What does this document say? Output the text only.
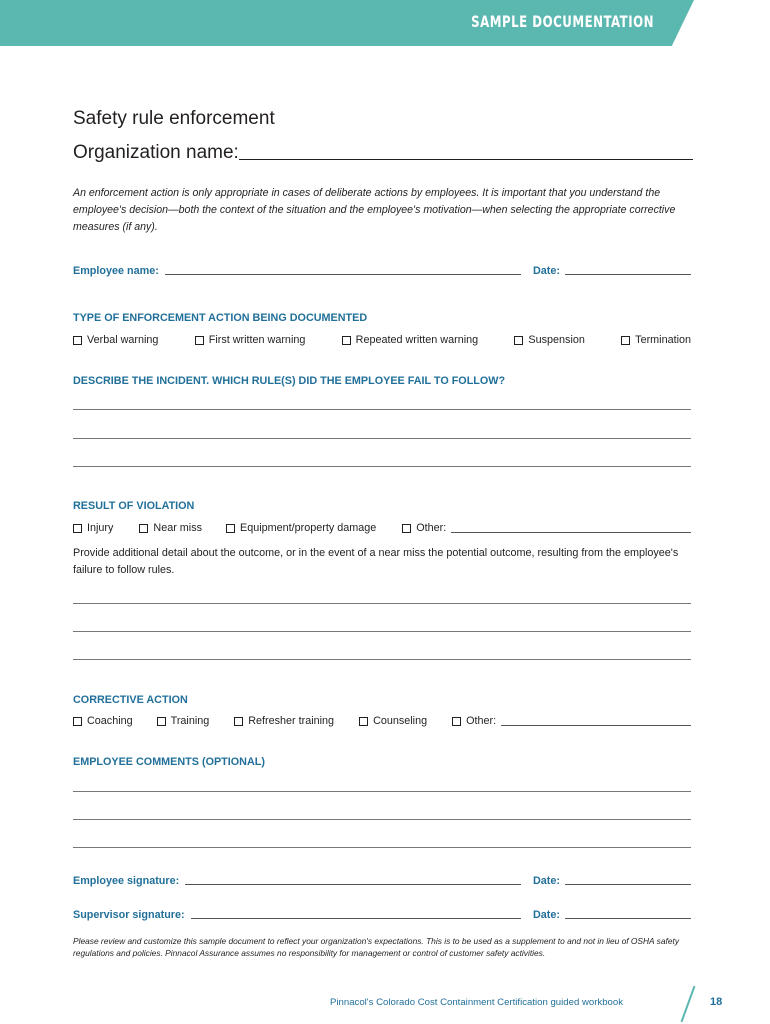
SAMPLE DOCUMENTATION
Safety rule enforcement
Organization name:
An enforcement action is only appropriate in cases of deliberate actions by employees. It is important that you understand the employee's decision—both the context of the situation and the employee's motivation—when selecting the appropriate corrective measures (if any).
Employee name:	Date:
TYPE OF ENFORCEMENT ACTION BEING DOCUMENTED
Verbal warning	First written warning	Repeated written warning	Suspension	Termination
DESCRIBE THE INCIDENT. WHICH RULE(S) DID THE EMPLOYEE FAIL TO FOLLOW?
RESULT OF VIOLATION
Injury	Near miss	Equipment/property damage	Other:
Provide additional detail about the outcome, or in the event of a near miss the potential outcome, resulting from the employee's failure to follow rules.
CORRECTIVE ACTION
Coaching	Training	Refresher training	Counseling	Other:
EMPLOYEE COMMENTS (OPTIONAL)
Employee signature:	Date:
Supervisor signature:	Date:
Please review and customize this sample document to reflect your organization's expectations. This is to be used as a supplement to and not in lieu of OSHA safety regulations and policies. Pinnacol Assurance assumes no responsibility for management or control of customer safety activities.
Pinnacol's Colorado Cost Containment Certification guided workbook	18
